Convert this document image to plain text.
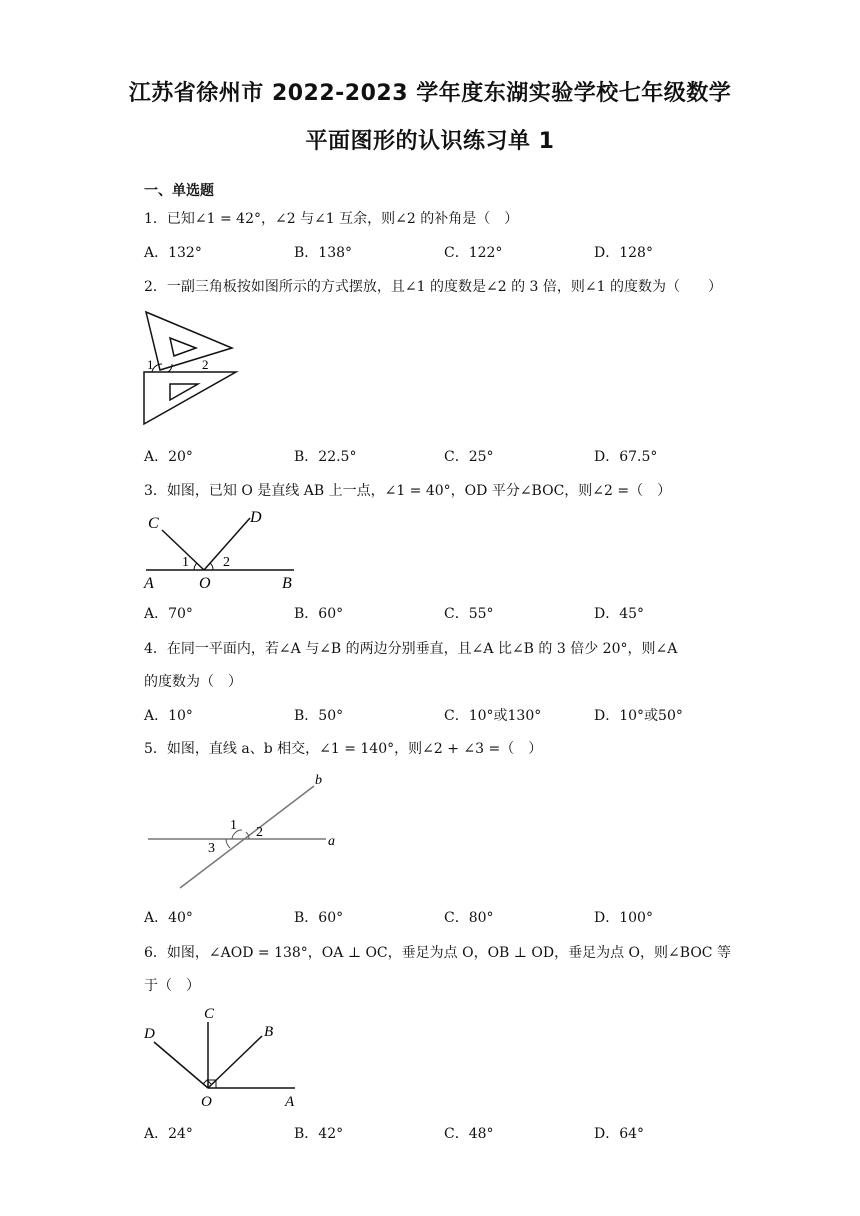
江苏省徐州市 2022-2023 学年度东湖实验学校七年级数学
平面图形的认识练习单 1
一、单选题
1．已知∠1 = 42°，∠2 与∠1 互余，则∠2 的补角是（　）
A．132°	B．138°	C．122°	D．128°
2．一副三角板按如图所示的方式摆放，且∠1 的度数是∠2 的 3 倍，则∠1 的度数为（　　）
1	2
A．20°	B．22.5°	C．25°	D．67.5°
3．如图，已知 O 是直线 AB 上一点，∠1 = 40°，OD 平分∠BOC，则∠2 =（　）
C	D
1 2
A	O	B
A．70°	B．60°	C．55°	D．45°
4．在同一平面内，若∠A 与∠B 的两边分别垂直，且∠A 比∠B 的 3 倍少 20°，则∠A
的度数为（　）
A．10°	B．50°	C．10°或130°	D．10°或50°
5．如图，直线 a、b 相交，∠1 = 140°，则∠2 + ∠3 =（　）
b
1 2
3	a
A．40°	B．60°	C．80°	D．100°
6．如图，∠AOD = 138°，OA ⊥ OC，垂足为点 O，OB ⊥ OD，垂足为点 O，则∠BOC 等
于（　）
C
D	B
O	A
A．24°	B．42°	C．48°	D．64°
